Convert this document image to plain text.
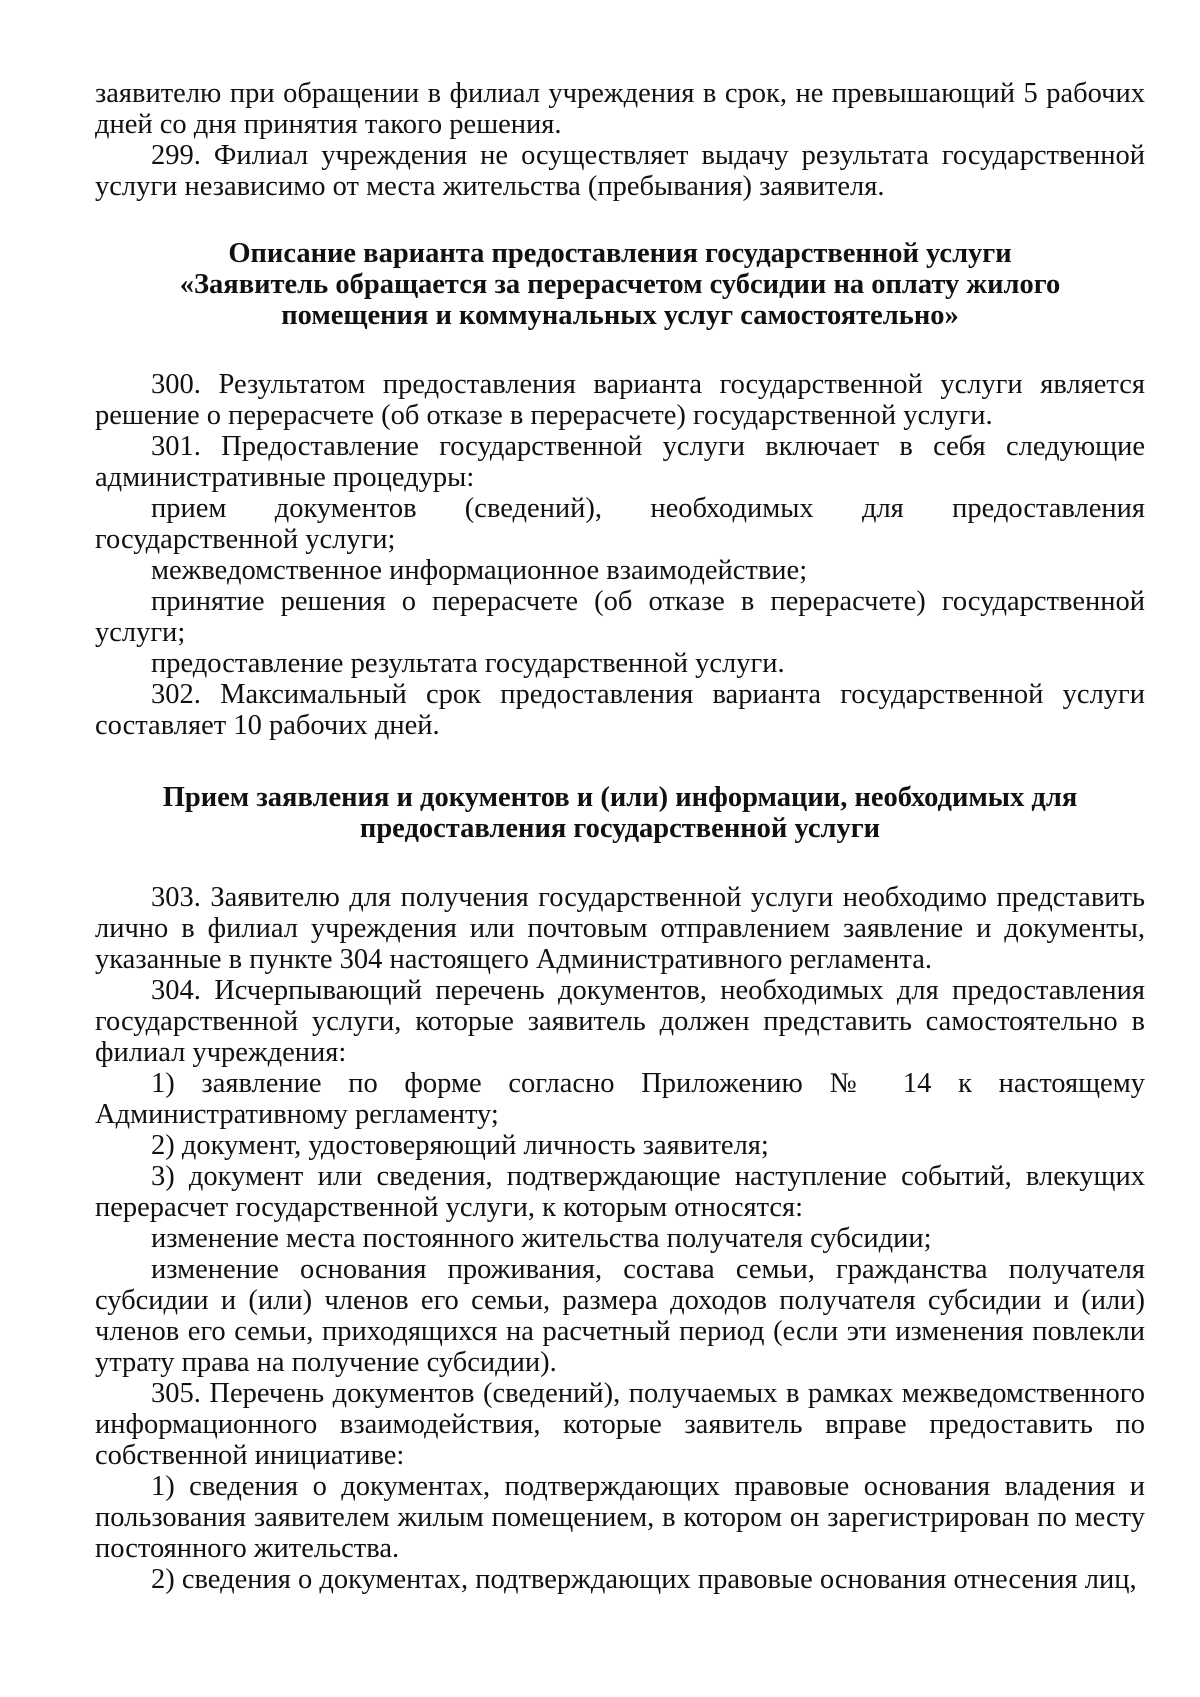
заявителю при обращении в филиал учреждения в срок, не превышающий 5 рабочих дней со дня принятия такого решения.

299. Филиал учреждения не осуществляет выдачу результата государственной услуги независимо от места жительства (пребывания) заявителя.

Описание варианта предоставления государственной услуги «Заявитель обращается за перерасчетом субсидии на оплату жилого помещения и коммунальных услуг самостоятельно»

300. Результатом предоставления варианта государственной услуги является решение о перерасчете (об отказе в перерасчете) государственной услуги.

301. Предоставление государственной услуги включает в себя следующие административные процедуры:

прием документов (сведений), необходимых для предоставления государственной услуги;

межведомственное информационное взаимодействие;

принятие решения о перерасчете (об отказе в перерасчете) государственной услуги;

предоставление результата государственной услуги.

302. Максимальный срок предоставления варианта государственной услуги составляет 10 рабочих дней.

Прием заявления и документов и (или) информации, необходимых для предоставления государственной услуги

303. Заявителю для получения государственной услуги необходимо представить лично в филиал учреждения или почтовым отправлением заявление и документы, указанные в пункте 304 настоящего Административного регламента.

304. Исчерпывающий перечень документов, необходимых для предоставления государственной услуги, которые заявитель должен представить самостоятельно в филиал учреждения:

1) заявление по форме согласно Приложению № 14 к настоящему Административному регламенту;

2) документ, удостоверяющий личность заявителя;

3) документ или сведения, подтверждающие наступление событий, влекущих перерасчет государственной услуги, к которым относятся:

изменение места постоянного жительства получателя субсидии;

изменение основания проживания, состава семьи, гражданства получателя субсидии и (или) членов его семьи, размера доходов получателя субсидии и (или) членов его семьи, приходящихся на расчетный период (если эти изменения повлекли утрату права на получение субсидии).

305. Перечень документов (сведений), получаемых в рамках межведомственного информационного взаимодействия, которые заявитель вправе предоставить по собственной инициативе:

1) сведения о документах, подтверждающих правовые основания владения и пользования заявителем жилым помещением, в котором он зарегистрирован по месту постоянного жительства.

2) сведения о документах, подтверждающих правовые основания отнесения лиц,
